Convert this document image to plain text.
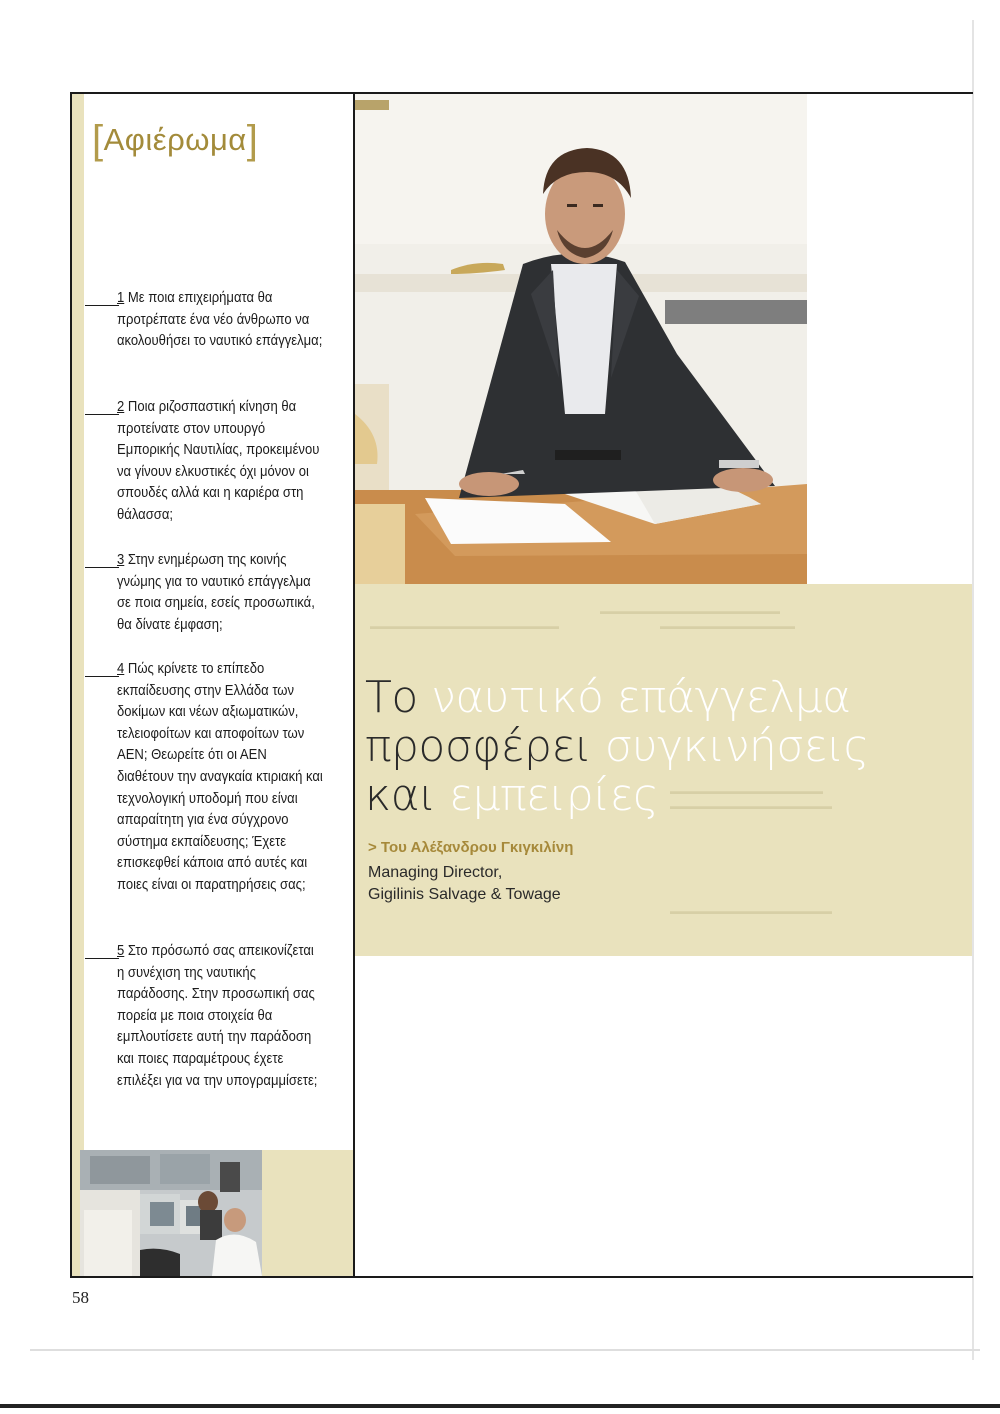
[Αφιέρωμα]
1 Με ποια επιχειρήματα θα προτρέπατε ένα νέο άνθρωπο να ακολουθήσει το ναυτικό επάγγελμα;
2 Ποια ριζοσπαστική κίνηση θα προτείνατε στον υπουργό Εμπορικής Ναυτιλίας, προκειμένου να γίνουν ελκυστικές όχι μόνον οι σπουδές αλλά και η καριέρα στη θάλασσα;
3 Στην ενημέρωση της κοινής γνώμης για το ναυτικό επάγγελμα σε ποια σημεία, εσείς προσωπικά, θα δίνατε έμφαση;
4 Πώς κρίνετε το επίπεδο εκπαίδευσης στην Ελλάδα των δοκίμων και νέων αξιωματικών, τελειοφοίτων και αποφοίτων των ΑΕΝ; Θεωρείτε ότι οι ΑΕΝ διαθέτουν την αναγκαία κτιριακή και τεχνολογική υποδομή που είναι απαραίτητη για ένα σύγχρονο σύστημα εκπαίδευσης; Έχετε επισκεφθεί κάποια από αυτές και ποιες είναι οι παρατηρήσεις σας;
5 Στο πρόσωπό σας απεικονίζεται η συνέχιση της ναυτικής παράδοσης. Στην προσωπική σας πορεία με ποια στοιχεία θα εμπλουτίσετε αυτή την παράδοση και ποιες παραμέτρους έχετε επιλέξει για να την υπογραμμίσετε;
58
▬▬▬▬▬▬▬▬▬▬▬▬▬▬▬▬▬▬▬▬
▬▬▬▬▬▬▬▬▬▬▬▬▬▬▬
▬▬▬▬▬▬▬▬▬▬▬▬▬▬▬▬▬▬▬▬▬
▬▬▬▬▬▬▬▬▬▬▬▬▬▬▬▬▬
▬▬▬▬▬▬▬▬▬▬▬▬▬▬▬▬▬▬
▬▬▬▬▬▬▬▬▬▬▬▬▬▬▬▬▬▬
Το ναυτικό επάγγελμα
προσφέρει συγκινήσεις
και εμπειρίες
> Του Αλέξανδρου Γκιγκιλίνη
Managing Director,
Gigilinis Salvage & Towage
